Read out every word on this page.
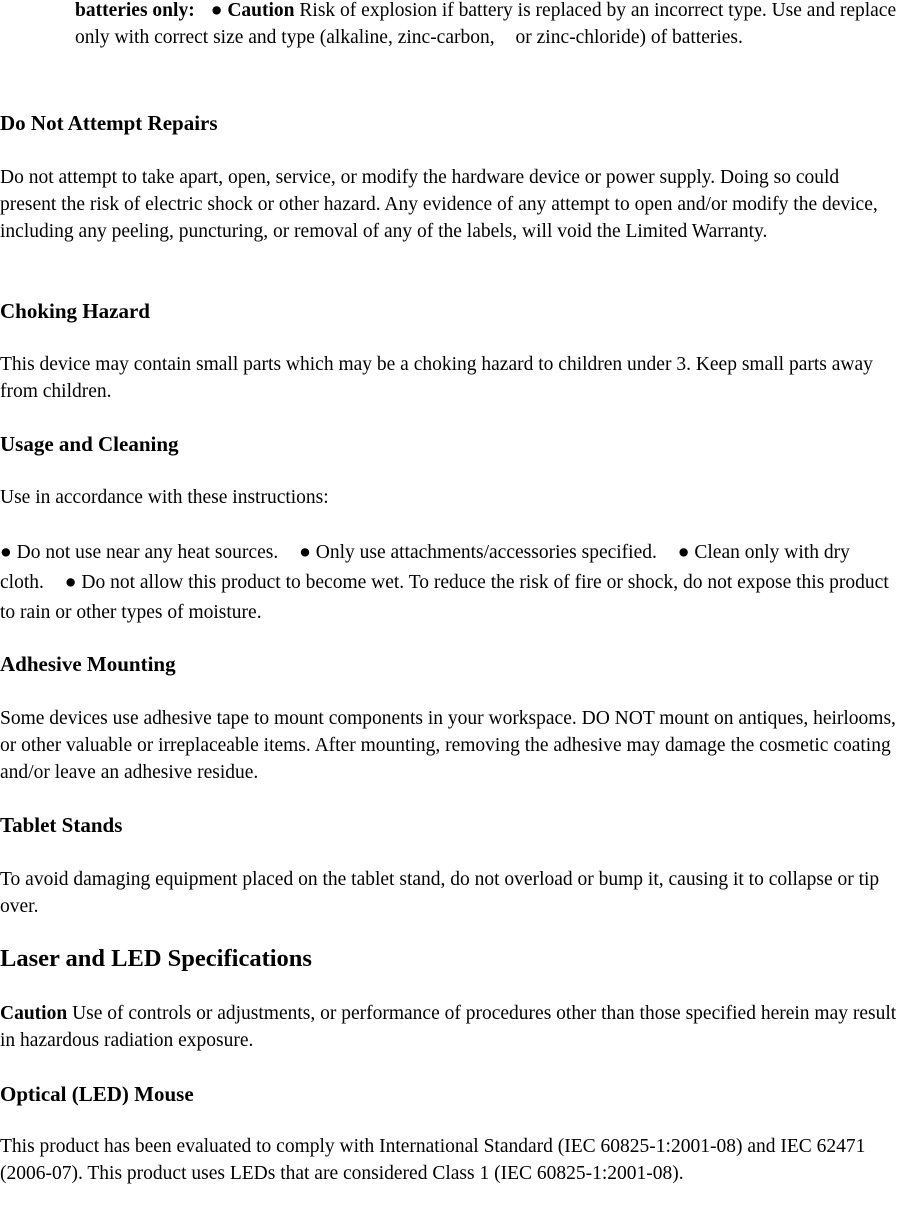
batteries only: ● Caution Risk of explosion if battery is replaced by an incorrect type. Use and replace only with correct size and type (alkaline, zinc-carbon, or zinc-chloride) of batteries.
Do Not Attempt Repairs
Do not attempt to take apart, open, service, or modify the hardware device or power supply. Doing so could present the risk of electric shock or other hazard. Any evidence of any attempt to open and/or modify the device, including any peeling, puncturing, or removal of any of the labels, will void the Limited Warranty.
Choking Hazard
This device may contain small parts which may be a choking hazard to children under 3. Keep small parts away from children.
Usage and Cleaning
Use in accordance with these instructions:
● Do not use near any heat sources. ● Only use attachments/accessories specified. ● Clean only with dry cloth. ● Do not allow this product to become wet. To reduce the risk of fire or shock, do not expose this product to rain or other types of moisture.
Adhesive Mounting
Some devices use adhesive tape to mount components in your workspace. DO NOT mount on antiques, heirlooms, or other valuable or irreplaceable items. After mounting, removing the adhesive may damage the cosmetic coating and/or leave an adhesive residue.
Tablet Stands
To avoid damaging equipment placed on the tablet stand, do not overload or bump it, causing it to collapse or tip over.
Laser and LED Specifications
Caution Use of controls or adjustments, or performance of procedures other than those specified herein may result in hazardous radiation exposure.
Optical (LED) Mouse
This product has been evaluated to comply with International Standard (IEC 60825-1:2001-08) and IEC 62471 (2006-07). This product uses LEDs that are considered Class 1 (IEC 60825-1:2001-08).
